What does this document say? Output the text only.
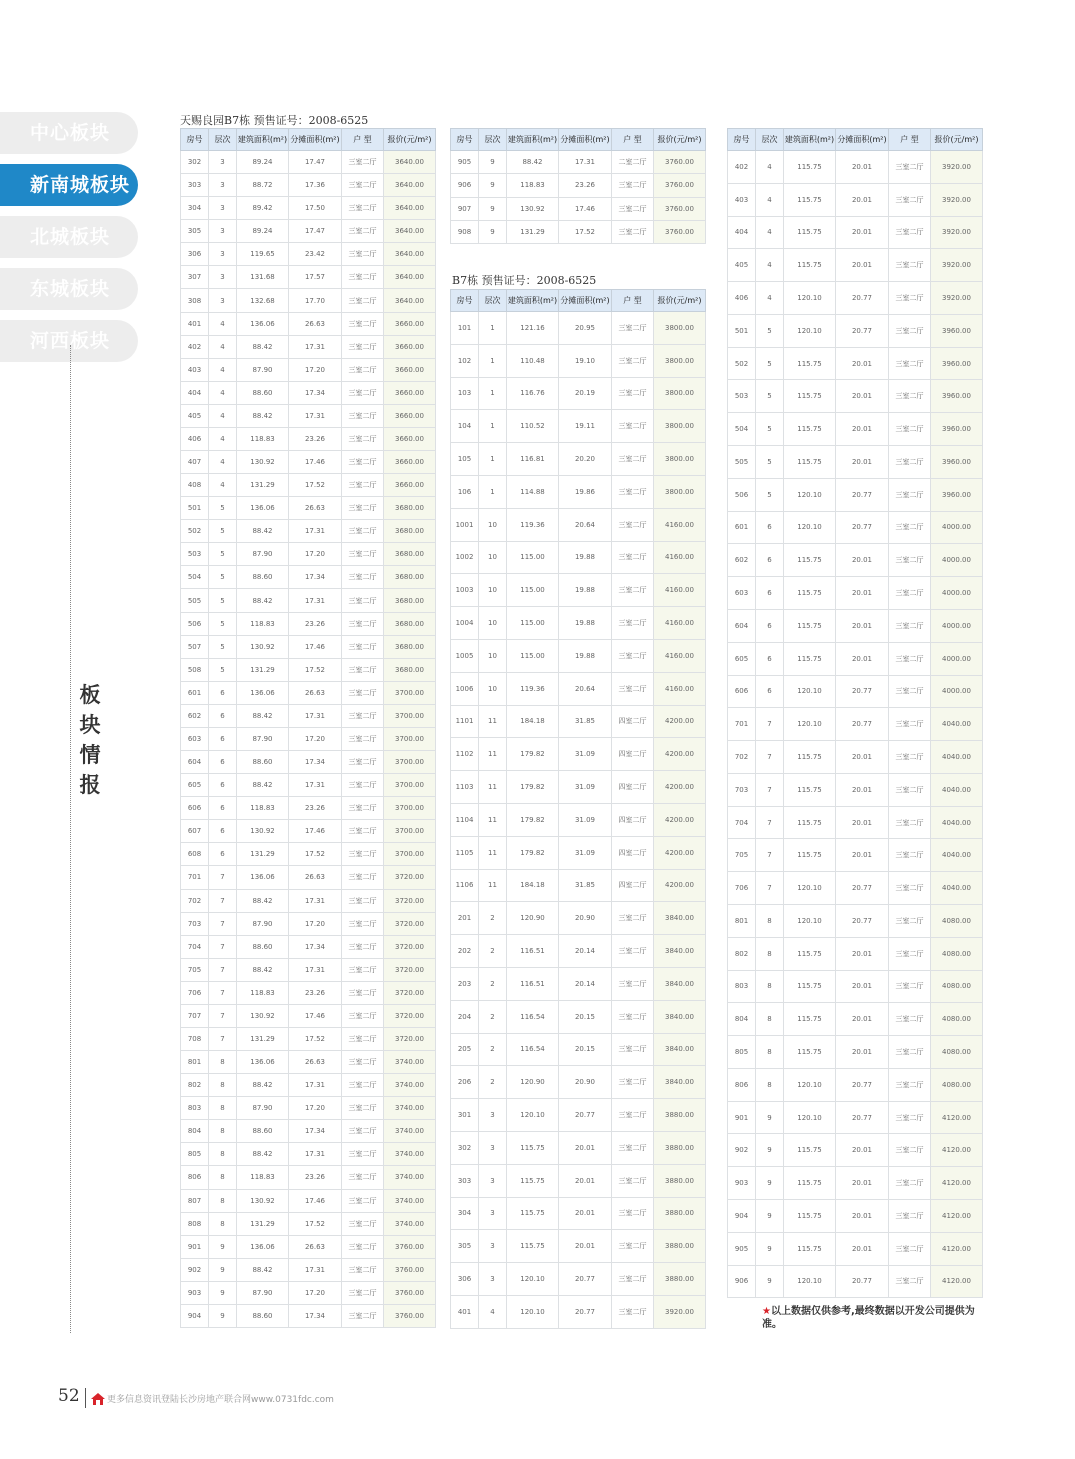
中心板块
新南城板块
北城板块
东城板块
河西板块
板
块
情
报
天赐良园B7栋 预售证号：2008-6525
B7栋 预售证号：2008-6525
房号	层次	建筑面积(m²)	分摊面积(m²)	户 型	报价(元/m²)
302	3	89.24	17.47	三室二厅	3640.00
303	3	88.72	17.36	三室二厅	3640.00
304	3	89.42	17.50	三室二厅	3640.00
305	3	89.24	17.47	三室二厅	3640.00
306	3	119.65	23.42	三室二厅	3640.00
307	3	131.68	17.57	三室二厅	3640.00
308	3	132.68	17.70	三室二厅	3640.00
401	4	136.06	26.63	三室二厅	3660.00
402	4	88.42	17.31	三室二厅	3660.00
403	4	87.90	17.20	三室二厅	3660.00
404	4	88.60	17.34	三室二厅	3660.00
405	4	88.42	17.31	三室二厅	3660.00
406	4	118.83	23.26	三室二厅	3660.00
407	4	130.92	17.46	三室二厅	3660.00
408	4	131.29	17.52	三室二厅	3660.00
501	5	136.06	26.63	三室二厅	3680.00
502	5	88.42	17.31	三室二厅	3680.00
503	5	87.90	17.20	三室二厅	3680.00
504	5	88.60	17.34	三室二厅	3680.00
505	5	88.42	17.31	三室二厅	3680.00
506	5	118.83	23.26	三室二厅	3680.00
507	5	130.92	17.46	三室二厅	3680.00
508	5	131.29	17.52	三室二厅	3680.00
601	6	136.06	26.63	三室二厅	3700.00
602	6	88.42	17.31	三室二厅	3700.00
603	6	87.90	17.20	三室二厅	3700.00
604	6	88.60	17.34	三室二厅	3700.00
605	6	88.42	17.31	三室二厅	3700.00
606	6	118.83	23.26	三室二厅	3700.00
607	6	130.92	17.46	三室二厅	3700.00
608	6	131.29	17.52	三室二厅	3700.00
701	7	136.06	26.63	三室二厅	3720.00
702	7	88.42	17.31	三室二厅	3720.00
703	7	87.90	17.20	三室二厅	3720.00
704	7	88.60	17.34	三室二厅	3720.00
705	7	88.42	17.31	三室二厅	3720.00
706	7	118.83	23.26	三室二厅	3720.00
707	7	130.92	17.46	三室二厅	3720.00
708	7	131.29	17.52	三室二厅	3720.00
801	8	136.06	26.63	三室二厅	3740.00
802	8	88.42	17.31	三室二厅	3740.00
803	8	87.90	17.20	三室二厅	3740.00
804	8	88.60	17.34	三室二厅	3740.00
805	8	88.42	17.31	三室二厅	3740.00
806	8	118.83	23.26	三室二厅	3740.00
807	8	130.92	17.46	三室二厅	3740.00
808	8	131.29	17.52	三室二厅	3740.00
901	9	136.06	26.63	三室二厅	3760.00
902	9	88.42	17.31	三室二厅	3760.00
903	9	87.90	17.20	三室二厅	3760.00
904	9	88.60	17.34	三室二厅	3760.00
房号	层次	建筑面积(m²)	分摊面积(m²)	户 型	报价(元/m²)
905	9	88.42	17.31	二室二厅	3760.00
906	9	118.83	23.26	三室二厅	3760.00
907	9	130.92	17.46	三室二厅	3760.00
908	9	131.29	17.52	三室二厅	3760.00
房号	层次	建筑面积(m²)	分摊面积(m²)	户 型	报价(元/m²)
101	1	121.16	20.95	三室二厅	3800.00
102	1	110.48	19.10	三室二厅	3800.00
103	1	116.76	20.19	三室二厅	3800.00
104	1	110.52	19.11	三室二厅	3800.00
105	1	116.81	20.20	三室二厅	3800.00
106	1	114.88	19.86	三室二厅	3800.00
1001	10	119.36	20.64	三室二厅	4160.00
1002	10	115.00	19.88	三室二厅	4160.00
1003	10	115.00	19.88	三室二厅	4160.00
1004	10	115.00	19.88	三室二厅	4160.00
1005	10	115.00	19.88	三室二厅	4160.00
1006	10	119.36	20.64	三室二厅	4160.00
1101	11	184.18	31.85	四室二厅	4200.00
1102	11	179.82	31.09	四室二厅	4200.00
1103	11	179.82	31.09	四室二厅	4200.00
1104	11	179.82	31.09	四室二厅	4200.00
1105	11	179.82	31.09	四室二厅	4200.00
1106	11	184.18	31.85	四室二厅	4200.00
201	2	120.90	20.90	三室二厅	3840.00
202	2	116.51	20.14	三室二厅	3840.00
203	2	116.51	20.14	三室二厅	3840.00
204	2	116.54	20.15	三室二厅	3840.00
205	2	116.54	20.15	三室二厅	3840.00
206	2	120.90	20.90	三室二厅	3840.00
301	3	120.10	20.77	三室二厅	3880.00
302	3	115.75	20.01	三室二厅	3880.00
303	3	115.75	20.01	三室二厅	3880.00
304	3	115.75	20.01	三室二厅	3880.00
305	3	115.75	20.01	三室二厅	3880.00
306	3	120.10	20.77	三室二厅	3880.00
401	4	120.10	20.77	三室二厅	3920.00
房号	层次	建筑面积(m²)	分摊面积(m²)	户 型	报价(元/m²)
402	4	115.75	20.01	三室二厅	3920.00
403	4	115.75	20.01	三室二厅	3920.00
404	4	115.75	20.01	三室二厅	3920.00
405	4	115.75	20.01	三室二厅	3920.00
406	4	120.10	20.77	三室二厅	3920.00
501	5	120.10	20.77	三室二厅	3960.00
502	5	115.75	20.01	三室二厅	3960.00
503	5	115.75	20.01	三室二厅	3960.00
504	5	115.75	20.01	三室二厅	3960.00
505	5	115.75	20.01	三室二厅	3960.00
506	5	120.10	20.77	三室二厅	3960.00
601	6	120.10	20.77	三室二厅	4000.00
602	6	115.75	20.01	三室二厅	4000.00
603	6	115.75	20.01	三室二厅	4000.00
604	6	115.75	20.01	三室二厅	4000.00
605	6	115.75	20.01	三室二厅	4000.00
606	6	120.10	20.77	三室二厅	4000.00
701	7	120.10	20.77	三室二厅	4040.00
702	7	115.75	20.01	三室二厅	4040.00
703	7	115.75	20.01	三室二厅	4040.00
704	7	115.75	20.01	三室二厅	4040.00
705	7	115.75	20.01	三室二厅	4040.00
706	7	120.10	20.77	三室二厅	4040.00
801	8	120.10	20.77	三室二厅	4080.00
802	8	115.75	20.01	三室二厅	4080.00
803	8	115.75	20.01	三室二厅	4080.00
804	8	115.75	20.01	三室二厅	4080.00
805	8	115.75	20.01	三室二厅	4080.00
806	8	120.10	20.77	三室二厅	4080.00
901	9	120.10	20.77	三室二厅	4120.00
902	9	115.75	20.01	三室二厅	4120.00
903	9	115.75	20.01	三室二厅	4120.00
904	9	115.75	20.01	三室二厅	4120.00
905	9	115.75	20.01	三室二厅	4120.00
906	9	120.10	20.77	三室二厅	4120.00
★以上数据仅供参考,最终数据以开发公司提供为准。
52	更多信息资讯登陆长沙房地产联合网www.0731fdc.com
